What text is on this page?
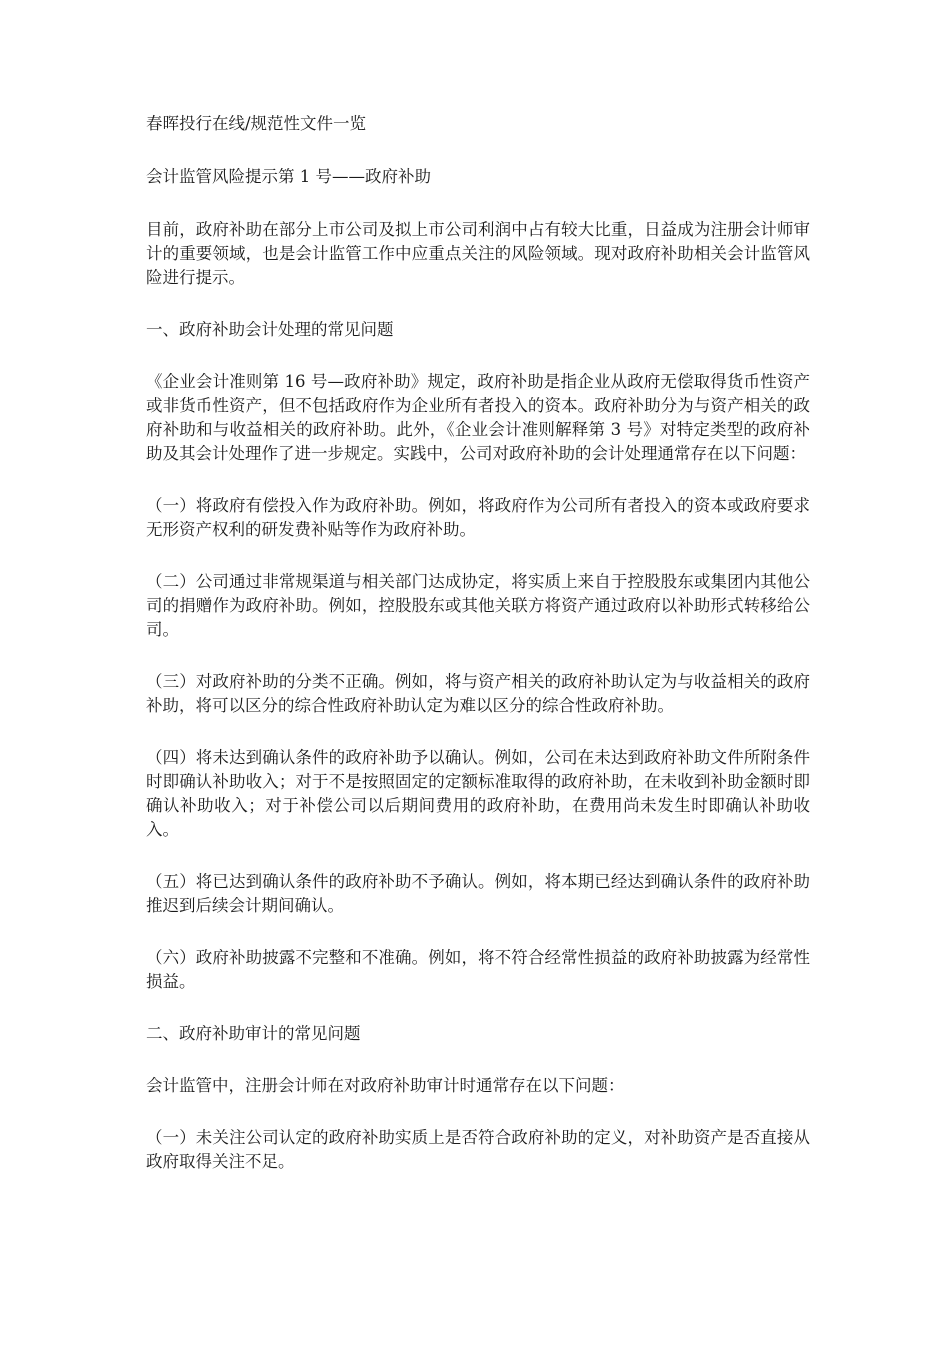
春晖投行在线/规范性文件一览

会计监管风险提示第 1 号——政府补助

目前，政府补助在部分上市公司及拟上市公司利润中占有较大比重，日益成为注册会计师审计的重要领域，也是会计监管工作中应重点关注的风险领域。现对政府补助相关会计监管风险进行提示。

一、政府补助会计处理的常见问题

《企业会计准则第 16 号—政府补助》规定，政府补助是指企业从政府无偿取得货币性资产或非货币性资产，但不包括政府作为企业所有者投入的资本。政府补助分为与资产相关的政府补助和与收益相关的政府补助。此外，《企业会计准则解释第 3 号》对特定类型的政府补助及其会计处理作了进一步规定。实践中，公司对政府补助的会计处理通常存在以下问题：

（一）将政府有偿投入作为政府补助。例如，将政府作为公司所有者投入的资本或政府要求无形资产权利的研发费补贴等作为政府补助。

（二）公司通过非常规渠道与相关部门达成协定，将实质上来自于控股股东或集团内其他公司的捐赠作为政府补助。例如，控股股东或其他关联方将资产通过政府以补助形式转移给公司。

（三）对政府补助的分类不正确。例如，将与资产相关的政府补助认定为与收益相关的政府补助，将可以区分的综合性政府补助认定为难以区分的综合性政府补助。

（四）将未达到确认条件的政府补助予以确认。例如，公司在未达到政府补助文件所附条件时即确认补助收入；对于不是按照固定的定额标准取得的政府补助，在未收到补助金额时即确认补助收入；对于补偿公司以后期间费用的政府补助，在费用尚未发生时即确认补助收入。

（五）将已达到确认条件的政府补助不予确认。例如，将本期已经达到确认条件的政府补助推迟到后续会计期间确认。

（六）政府补助披露不完整和不准确。例如，将不符合经常性损益的政府补助披露为经常性损益。

二、政府补助审计的常见问题

会计监管中，注册会计师在对政府补助审计时通常存在以下问题：

（一）未关注公司认定的政府补助实质上是否符合政府补助的定义，对补助资产是否直接从政府取得关注不足。
